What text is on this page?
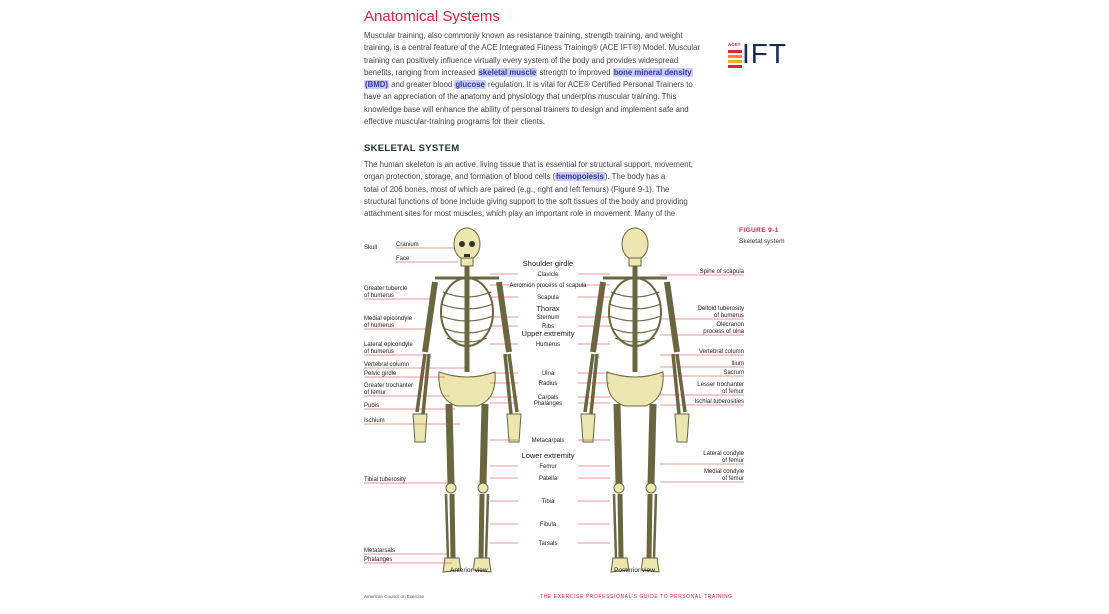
Anatomical Systems
ACE® IFT

Muscular training, also commonly known as resistance training, strength training, and weight

training, is a central feature of the ACE Integrated Fitness Training® (ACE IFT®) Model. Muscular

training can positively influence virtually every system of the body and provides widespread

benefits, ranging from increased skeletal muscle strength to improved bone mineral density

(BMD) and greater blood glucose regulation. It is vital for ACE® Certified Personal Trainers to

have an appreciation of the anatomy and physiology that underpins muscular training. This

knowledge base will enhance the ability of personal trainers to design and implement safe and

effective muscular-training programs for their clients.

SKELETAL SYSTEM

The human skeleton is an active, living tissue that is essential for structural support, movement,

organ protection, storage, and formation of blood cells (hemopoiesis). The body has a

total of 206 bones, most of which are paired (e.g., right and left femurs) (Figure 9-1). The

structural functions of bone include giving support to the soft tissues of the body and providing

attachment sites for most muscles, which play an important role in movement. Many of the

FIGURE 9-1
Skeletal system
Skull	Cranium
Face
Greater tubercle
of humerus
Medial epicondyle
of humerus
Lateral epicondyle
of humerus
Vertebral column
Pelvic girdle
Greater trochanter
of femur
Pubis
Ischium
Tibial tuberosity
Metatarsals
Phalanges
Shoulder girdle
Thorax
Upper extremity
Lower extremity
Clavicle
Acromion process of scapula
Scapula
Sternum
Ribs
Humerus
Ulna
Radius
Carpals
Phalanges
Metacarpals
Femur
Patella
Tibia
Fibula
Tarsals
Spine of scapula
Deltoid tuberosity
of humerus
Olecranon
process of ulna
Vertebral column
Ilium
Sacrum
Lesser trochanter
of femur
Ischial tuberosities
Lateral condyle
of femur
Medial condyle
of femur
Anterior view	Posterior view
American Council on Exercise	THE EXERCISE PROFESSIONAL'S GUIDE TO PERSONAL TRAINING
